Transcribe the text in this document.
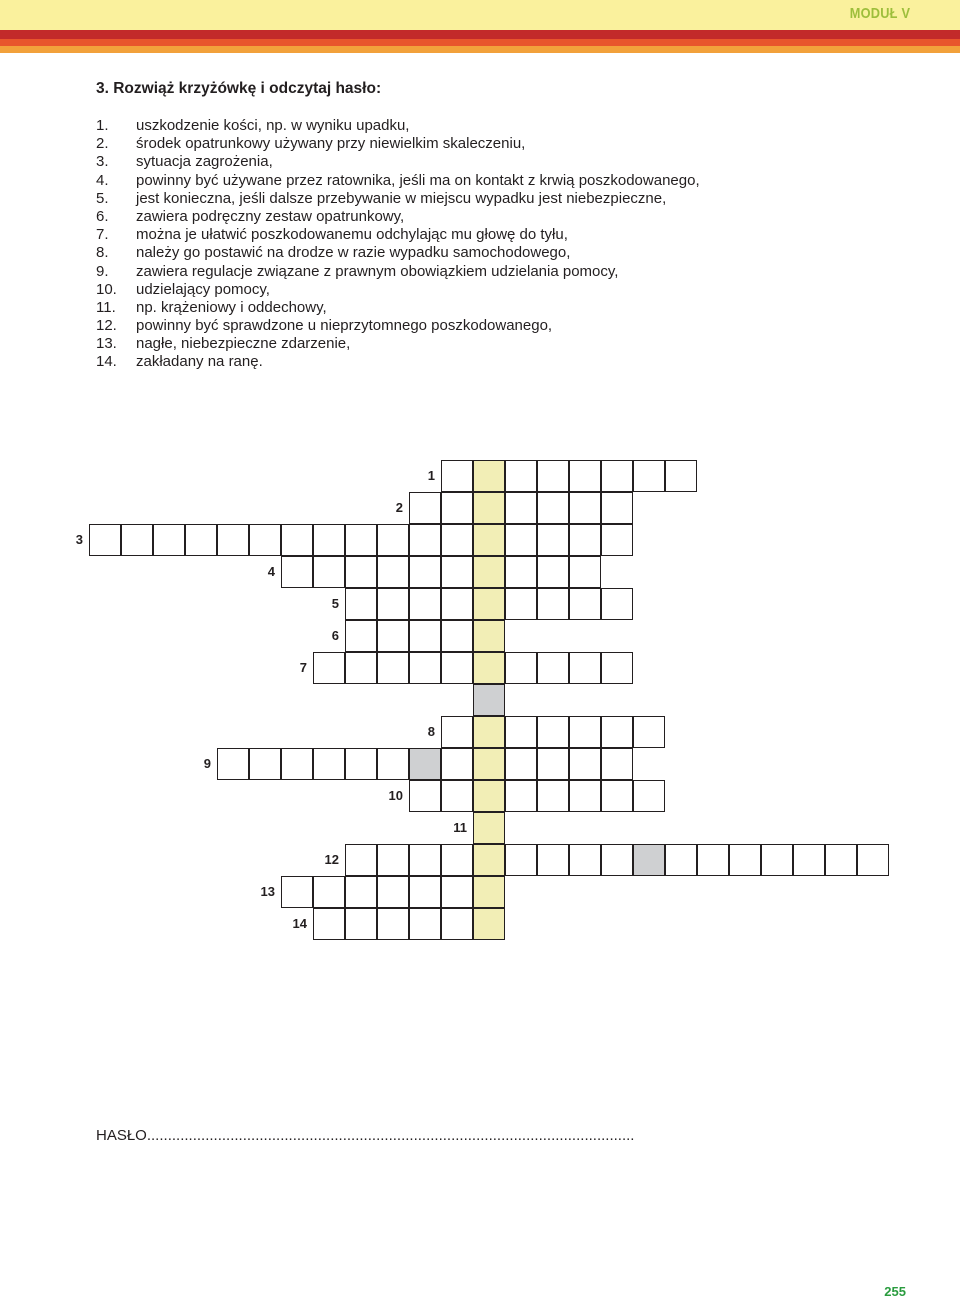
MODUŁ V
3. Rozwiąż krzyżówkę i odczytaj hasło:
1. uszkodzenie kości, np. w wyniku upadku,
2. środek opatrunkowy używany przy niewielkim skaleczeniu,
3. sytuacja zagrożenia,
4. powinny być używane przez ratownika, jeśli ma on kontakt z krwią poszkodowanego,
5. jest konieczna, jeśli dalsze przebywanie w miejscu wypadku jest niebezpieczne,
6. zawiera podręczny zestaw opatrunkowy,
7. można je ułatwić poszkodowanemu odchylając mu głowę do tyłu,
8. należy go postawić na drodze w razie wypadku samochodowego,
9. zawiera regulacje związane z prawnym obowiązkiem udzielania pomocy,
10. udzielający pomocy,
11. np. krążeniowy i oddechowy,
12. powinny być sprawdzone u nieprzytomnego poszkodowanego,
13. nagłe, niebezpieczne zdarzenie,
14. zakładany na ranę.
1
2
3
4
5
6
7
8
9
10
11
12
13
14
HASŁO.....................................................................................................................
255
